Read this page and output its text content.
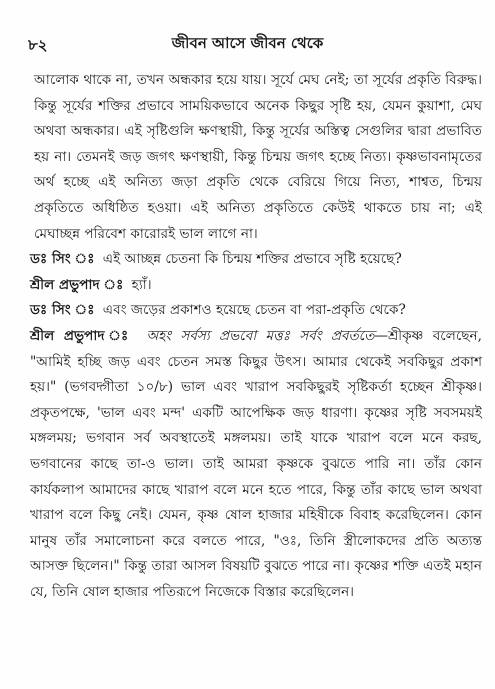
৮২	জীবন আসে জীবন থেকে

আলোক থাকে না, তখন অন্ধকার হয়ে যায়। সূর্যে মেঘ নেই; তা সূর্যের প্রকৃতি বিরুদ্ধ। কিন্তু সূর্যের শক্তির প্রভাবে সাময়িকভাবে অনেক কিছুর সৃষ্টি হয়, যেমন কুয়াশা, মেঘ অথবা অন্ধকার। এই সৃষ্টিগুলি ক্ষণস্থায়ী, কিন্তু সূর্যের অস্তিত্ব সেগুলির দ্বারা প্রভাবিত হয় না। তেমনই জড় জগৎ ক্ষণস্থায়ী, কিন্তু চিন্ময় জগৎ হচ্ছে নিত্য। কৃষ্ণভাবনামৃতের অর্থ হচ্ছে এই অনিত্য জড়া প্রকৃতি থেকে বেরিয়ে গিয়ে নিত্য, শাশ্বত, চিন্ময় প্রকৃতিতে অধিষ্ঠিত হওয়া। এই অনিত্য প্রকৃতিতে কেউই থাকতে চায় না; এই মেঘাচ্ছন্ন পরিবেশ কারোরই ভাল লাগে না।

ডঃ সিং ঃ এই আচ্ছন্ন চেতনা কি চিন্ময় শক্তির প্রভাবে সৃষ্টি হয়েছে?

শ্রীল প্রভুপাদ ঃ হ্যাঁ।

ডঃ সিং ঃ এবং জড়ের প্রকাশও হয়েছে চেতন বা পরা-প্রকৃতি থেকে?

শ্রীল প্রভুপাদ ঃ অহং সর্বস্য প্রভবো মত্তঃ সর্বং প্রবর্ততে—শ্রীকৃষ্ণ বলেছেন, "আমিই হচ্ছি জড় এবং চেতন সমস্ত কিছুর উৎস। আমার থেকেই সবকিছুর প্রকাশ হয়।" (ভগবদ্গীতা ১০/৮) ভাল এবং খারাপ সবকিছুরই সৃষ্টিকর্তা হচ্ছেন শ্রীকৃষ্ণ। প্রকৃতপক্ষে, 'ভাল এবং মন্দ' একটি আপেক্ষিক জড় ধারণা। কৃষ্ণের সৃষ্টি সবসময়ই মঙ্গলময়; ভগবান সর্ব অবস্থাতেই মঙ্গলময়। তাই যাকে খারাপ বলে মনে করছ, ভগবানের কাছে তা-ও ভাল। তাই আমরা কৃষ্ণকে বুঝতে পারি না। তাঁর কোন কার্যকলাপ আমাদের কাছে খারাপ বলে মনে হতে পারে, কিন্তু তাঁর কাছে ভাল অথবা খারাপ বলে কিছু নেই। যেমন, কৃষ্ণ ষোল হাজার মহিষীকে বিবাহ করেছিলেন। কোন মানুষ তাঁর সমালোচনা করে বলতে পারে, "ওঃ, তিনি স্ত্রীলোকদের প্রতি অত্যন্ত আসক্ত ছিলেন।" কিন্তু তারা আসল বিষয়টি বুঝতে পারে না। কৃষ্ণের শক্তি এতই মহান যে, তিনি ষোল হাজার পতিরূপে নিজেকে বিস্তার করেছিলেন।
